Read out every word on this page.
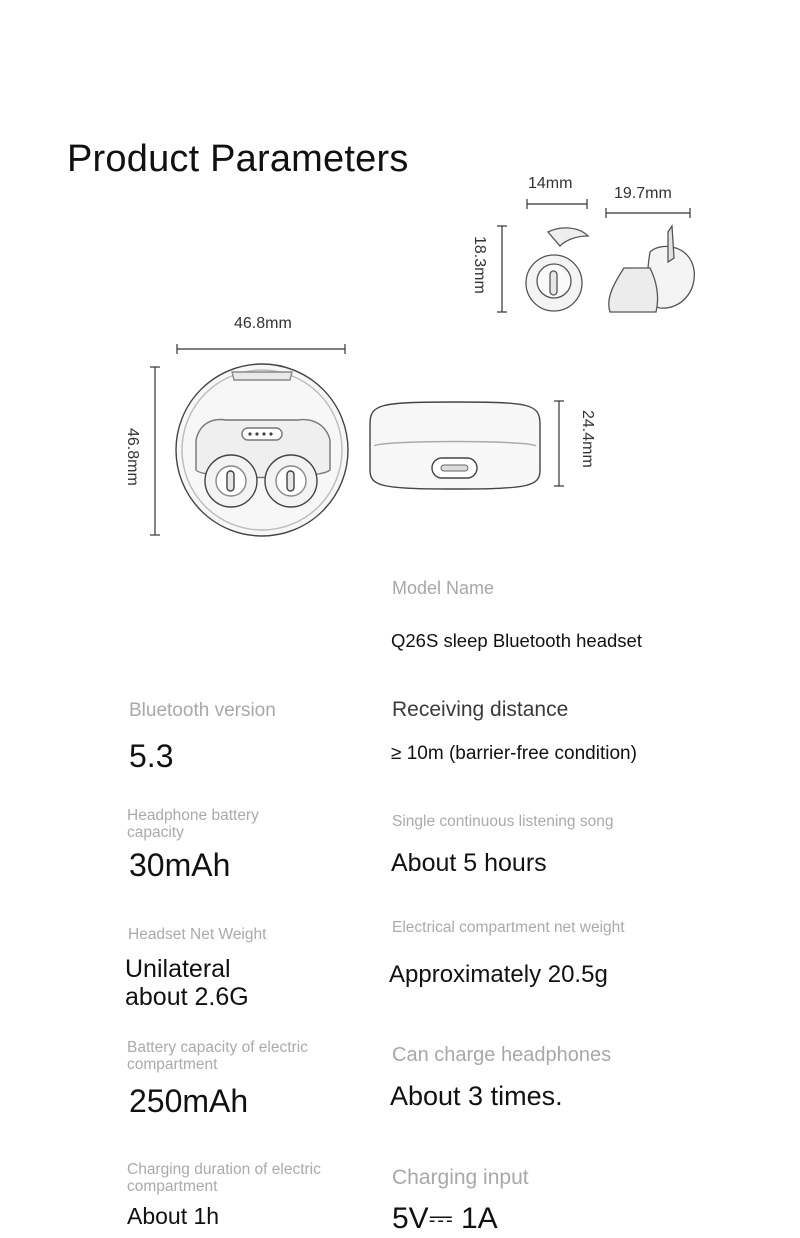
Product Parameters
14mm
19.7mm
18.3mm
46.8mm
46.8mm	24.4mm
Model Name
Q26S sleep Bluetooth headset
Bluetooth version
5.3
Receiving distance
≥ 10m (barrier-free condition)
Headphone battery capacity
30mAh
Single continuous listening song
About 5 hours
Headset Net Weight
Unilateral
about 2.6G
Electrical compartment net weight
Approximately 20.5g
Battery capacity of electric compartment
250mAh
Can charge headphones
About 3 times.
Charging duration of electric compartment
About 1h
Charging input
5V⎓ 1A
